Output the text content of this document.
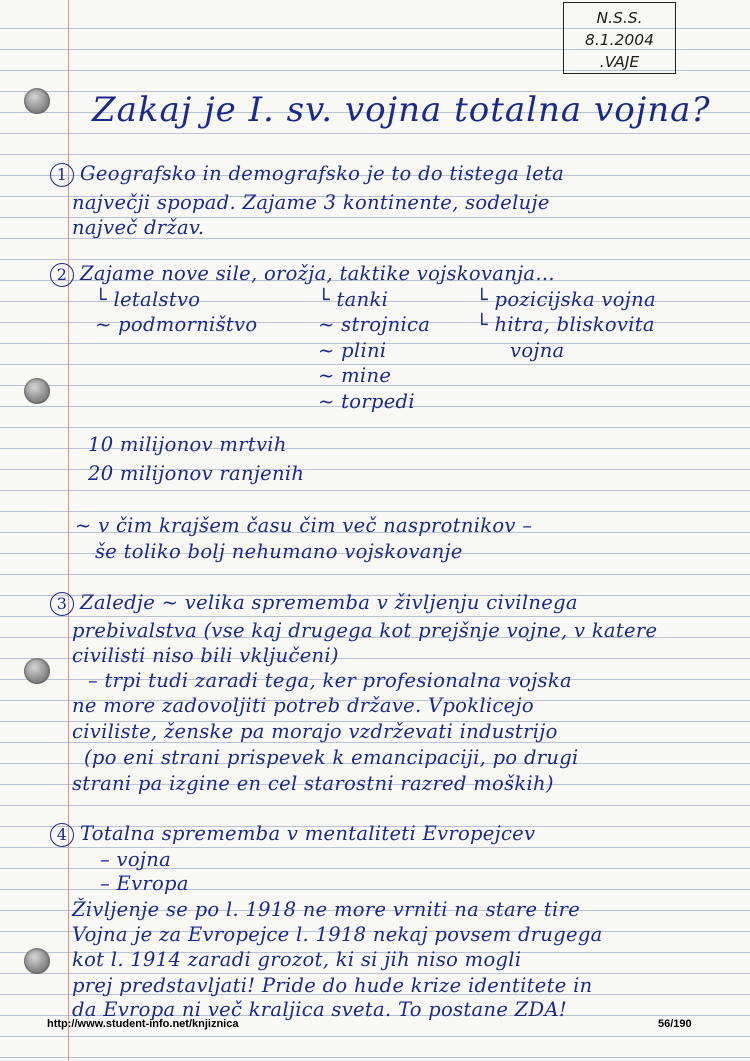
N.S.S.
8.1.2004
.VAJE

Zakaj je I. sv. vojna totalna vojna?

1 Geografsko in demografsko je to do tistega leta

največji spopad. Zajame 3 kontinente, sodeluje

največ držav.

2 Zajame nove sile, orožja, taktike vojskovanja...

└ letalstvo

~ podmorništvo

└ tanki

~ strojnica

~ plini

~ mine

~ torpedi

└ pozicijska vojna

└ hitra, bliskovita

vojna

10 milijonov mrtvih

20 milijonov ranjenih

~ v čim krajšem času čim več nasprotnikov –

še toliko bolj nehumano vojskovanje

3 Zaledje ~ velika sprememba v življenju civilnega

prebivalstva (vse kaj drugega kot prejšnje vojne, v katere

civilisti niso bili vključeni)

– trpi tudi zaradi tega, ker profesionalna vojska

ne more zadovoljiti potreb države. Vpoklicejo

civiliste, ženske pa morajo vzdrževati industrijo

(po eni strani prispevek k emancipaciji, po drugi

strani pa izgine en cel starostni razred moških)

4 Totalna sprememba v mentaliteti Evropejcev

– vojna

– Evropa

Življenje se po l. 1918 ne more vrniti na stare tire

Vojna je za Evropejce l. 1918 nekaj povsem drugega

kot l. 1914 zaradi grozot, ki si jih niso mogli

prej predstavljati! Pride do hude krize identitete in

da Evropa ni več kraljica sveta. To postane ZDA!

http://www.student-info.net/knjiznica	56/190
